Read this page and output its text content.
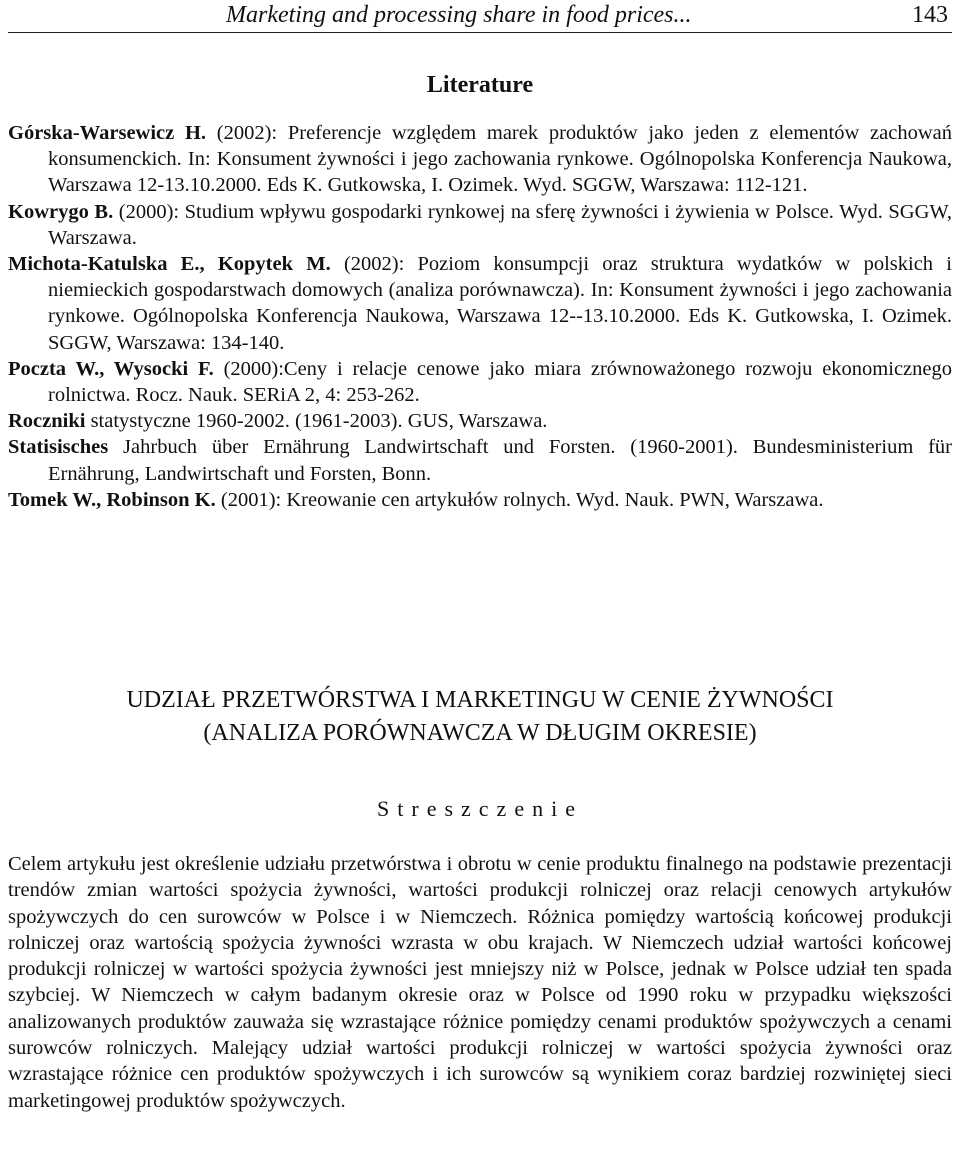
Marketing and processing share in food prices...	143
Literature
Górska-Warsewicz H. (2002): Preferencje względem marek produktów jako jeden z elementów zachowań konsumenckich. In: Konsument żywności i jego zachowania rynkowe. Ogólnopolska Konferencja Naukowa, Warszawa 12-13.10.2000. Eds K. Gutkowska, I. Ozimek. Wyd. SGGW, Warszawa: 112-121.
Kowrygo B. (2000): Studium wpływu gospodarki rynkowej na sferę żywności i żywienia w Polsce. Wyd. SGGW, Warszawa.
Michota-Katulska E., Kopytek M. (2002): Poziom konsumpcji oraz struktura wydatków w polskich i niemieckich gospodarstwach domowych (analiza porównawcza). In: Konsument żywności i jego zachowania rynkowe. Ogólnopolska Konferencja Naukowa, Warszawa 12--13.10.2000. Eds K. Gutkowska, I. Ozimek. SGGW, Warszawa: 134-140.
Poczta W., Wysocki F. (2000):Ceny i relacje cenowe jako miara zrównoważonego rozwoju ekonomicznego rolnictwa. Rocz. Nauk. SERiA 2, 4: 253-262.
Roczniki statystyczne 1960-2002. (1961-2003). GUS, Warszawa.
Statisisches Jahrbuch über Ernährung Landwirtschaft und Forsten. (1960-2001). Bundesministerium für Ernährung, Landwirtschaft und Forsten, Bonn.
Tomek W., Robinson K. (2001): Kreowanie cen artykułów rolnych. Wyd. Nauk. PWN, Warszawa.
UDZIAŁ PRZETWÓRSTWA I MARKETINGU W CENIE ŻYWNOŚCI
(ANALIZA PORÓWNAWCZA W DŁUGIM OKRESIE)
Streszczenie

Celem artykułu jest określenie udziału przetwórstwa i obrotu w cenie produktu finalnego na podstawie prezentacji trendów zmian wartości spożycia żywności, wartości produkcji rolniczej oraz relacji cenowych artykułów spożywczych do cen surowców w Polsce i w Niemczech. Różnica pomiędzy wartością końcowej produkcji rolniczej oraz wartością spożycia żywności wzrasta w obu krajach. W Niemczech udział wartości końcowej produkcji rolniczej w wartości spożycia żywności jest mniejszy niż w Polsce, jednak w Polsce udział ten spada szybciej. W Niemczech w całym badanym okresie oraz w Polsce od 1990 roku w przypadku większości analizowanych produktów zauważa się wzrastające różnice pomiędzy cenami produktów spożywczych a cenami surowców rolniczych. Malejący udział wartości produkcji rolniczej w wartości spożycia żywności oraz wzrastające różnice cen produktów spożywczych i ich surowców są wynikiem coraz bardziej rozwiniętej sieci marketingowej produktów spożywczych.
